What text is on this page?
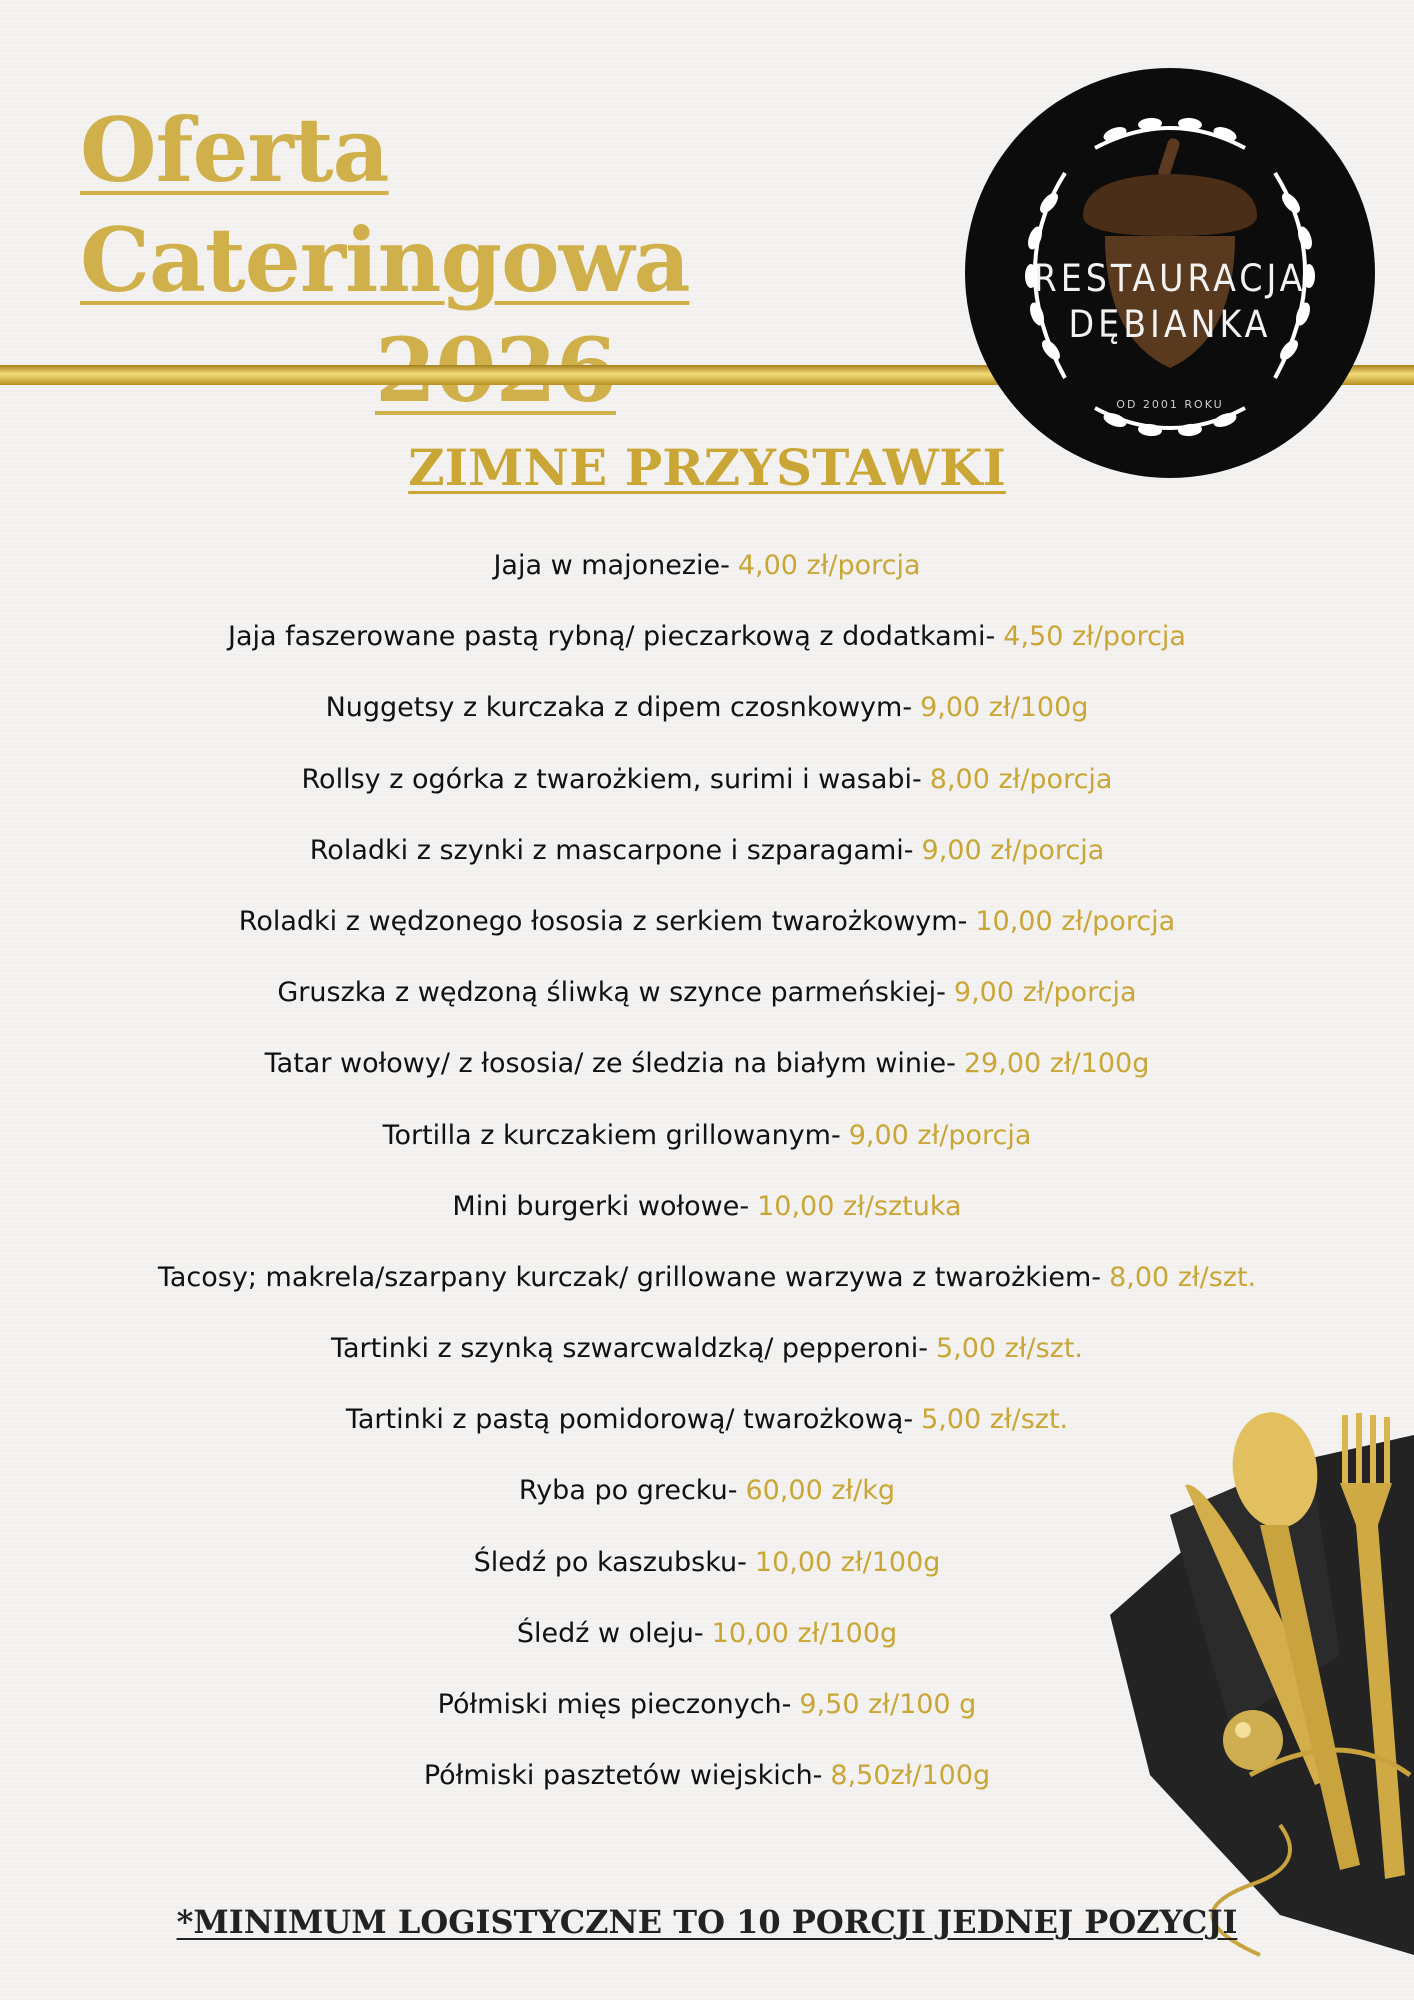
Oferta Cateringowa	RESTAURACJA
DĘBIANKA
OD 2001 ROKU
ZIMNE PRZYSTAWKI
Jaja w majonezie- 4,00 zł/porcja
Jaja faszerowane pastą rybną/ pieczarkową z dodatkami- 4,50 zł/porcja
Nuggetsy z kurczaka z dipem czosnkowym- 9,00 zł/100g
Rollsy z ogórka z twarożkiem, surimi i wasabi- 8,00 zł/porcja
Roladki z szynki z mascarpone i szparagami- 9,00 zł/porcja
Roladki z wędzonego łososia z serkiem twarożkowym- 10,00 zł/porcja
Gruszka z wędzoną śliwką w szynce parmeńskiej- 9,00 zł/porcja
Tatar wołowy/ z łososia/ ze śledzia na białym winie- 29,00 zł/100g
Tortilla z kurczakiem grillowanym- 9,00 zł/porcja
Mini burgerki wołowe- 10,00 zł/sztuka
Tacosy; makrela/szarpany kurczak/ grillowane warzywa z twarożkiem- 8,00 zł/szt.
Tartinki z szynką szwarcwaldzką/ pepperoni- 5,00 zł/szt.
Tartinki z pastą pomidorową/ twarożkową- 5,00 zł/szt.
Ryba po grecku- 60,00 zł/kg
Śledź po kaszubsku- 10,00 zł/100g
Śledź w oleju- 10,00 zł/100g
Półmiski mięs pieczonych- 9,50 zł/100 g
Półmiski pasztetów wiejskich- 8,50zł/100g
*MINIMUM LOGISTYCZNE TO 10 PORCJI JEDNEJ POZYCJI
